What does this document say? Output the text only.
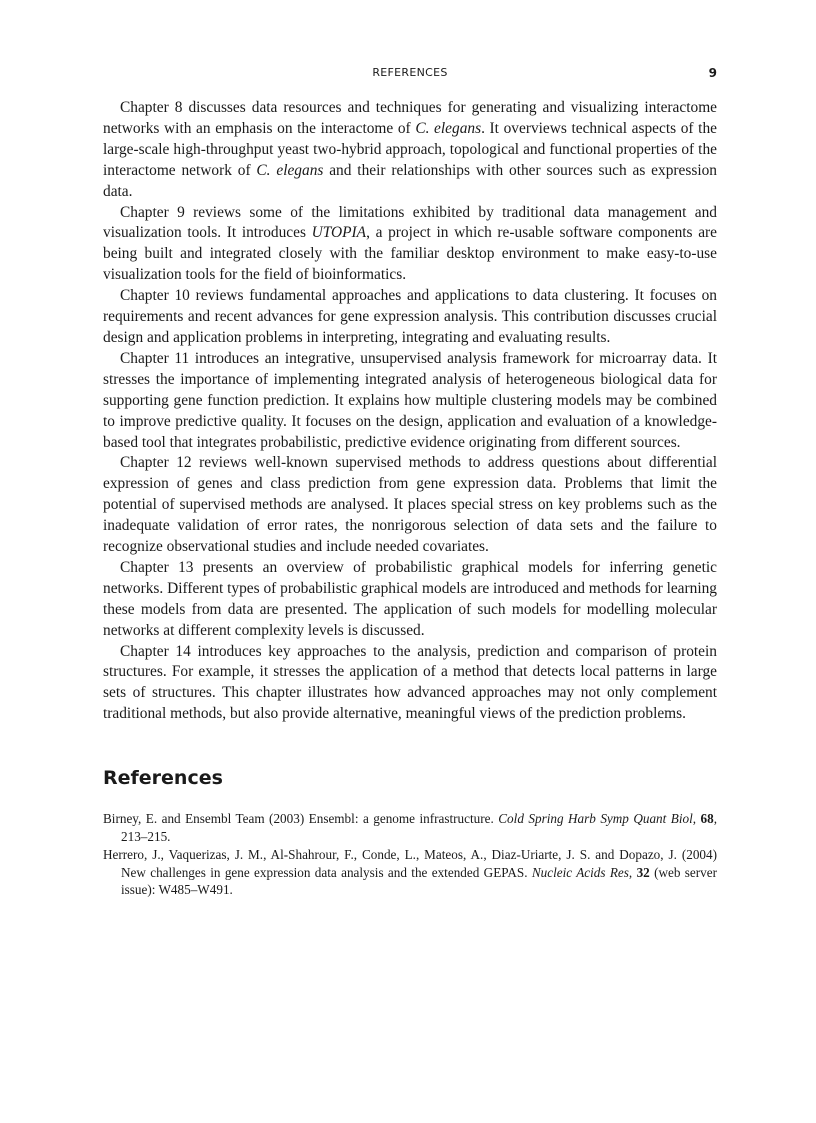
REFERENCES	9

Chapter 8 discusses data resources and techniques for generating and visualizing interactome networks with an emphasis on the interactome of C. elegans. It overviews technical aspects of the large-scale high-throughput yeast two-hybrid approach, topological and functional properties of the interactome network of C. elegans and their relationships with other sources such as expression data.

Chapter 9 reviews some of the limitations exhibited by traditional data management and visualization tools. It introduces UTOPIA, a project in which re-usable software components are being built and integrated closely with the familiar desktop environment to make easy-to-use visualization tools for the field of bioinformatics.

Chapter 10 reviews fundamental approaches and applications to data clustering. It focuses on requirements and recent advances for gene expression analysis. This contribution discusses crucial design and application problems in interpreting, integrating and evaluating results.

Chapter 11 introduces an integrative, unsupervised analysis framework for microarray data. It stresses the importance of implementing integrated analysis of heterogeneous biological data for supporting gene function prediction. It explains how multiple clustering models may be combined to improve predictive quality. It focuses on the design, application and evaluation of a knowledge-based tool that integrates probabilistic, predictive evidence originating from different sources.

Chapter 12 reviews well-known supervised methods to address questions about differential expression of genes and class prediction from gene expression data. Problems that limit the potential of supervised methods are analysed. It places special stress on key problems such as the inadequate validation of error rates, the nonrigorous selection of data sets and the failure to recognize observational studies and include needed covariates.

Chapter 13 presents an overview of probabilistic graphical models for inferring genetic networks. Different types of probabilistic graphical models are introduced and methods for learning these models from data are presented. The application of such models for modelling molecular networks at different complexity levels is discussed.

Chapter 14 introduces key approaches to the analysis, prediction and comparison of protein structures. For example, it stresses the application of a method that detects local patterns in large sets of structures. This chapter illustrates how advanced approaches may not only complement traditional methods, but also provide alternative, meaningful views of the prediction problems.

References

Birney, E. and Ensembl Team (2003) Ensembl: a genome infrastructure. Cold Spring Harb Symp Quant Biol, 68, 213–215.

Herrero, J., Vaquerizas, J. M., Al-Shahrour, F., Conde, L., Mateos, A., Diaz-Uriarte, J. S. and Dopazo, J. (2004) New challenges in gene expression data analysis and the extended GEPAS. Nucleic Acids Res, 32 (web server issue): W485–W491.
